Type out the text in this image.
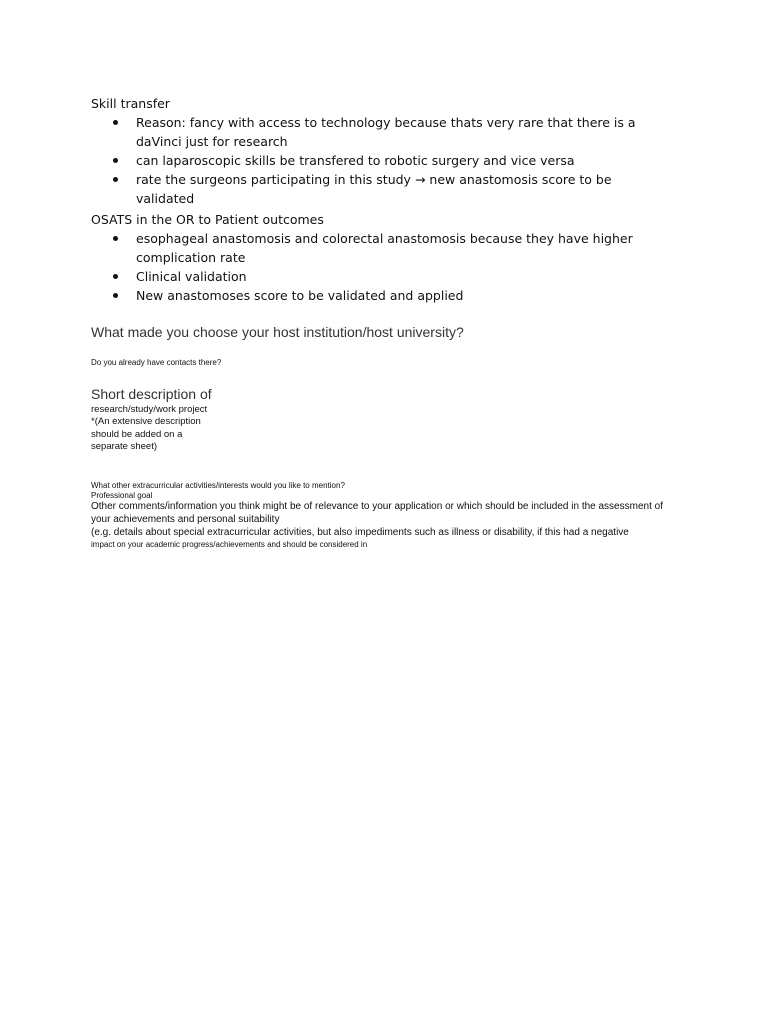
Skill transfer

Reason: fancy with access to technology because thats very rare that there is a daVinci just for research
can laparoscopic skills be transfered to robotic surgery and vice versa
rate the surgeons participating in this study → new anastomosis score to be validated

OSATS in the OR to Patient outcomes

esophageal anastomosis and colorectal anastomosis because they have higher complication rate
Clinical validation
New anastomoses score to be validated and applied

What made you choose your host institution/host university?

Do you already have contacts there?

Short description of

research/study/work project *(An extensive description should be added on a separate sheet)

What other extracurricular activities/interests would you like to mention?

Professional goal

Other comments/information you think might be of relevance to your application or which should be included in the assessment of your achievements and personal suitability

(e.g. details about special extracurricular activities, but also impediments such as illness or disability, if this had a negative

impact on your academic progress/achievements and should be considered in
